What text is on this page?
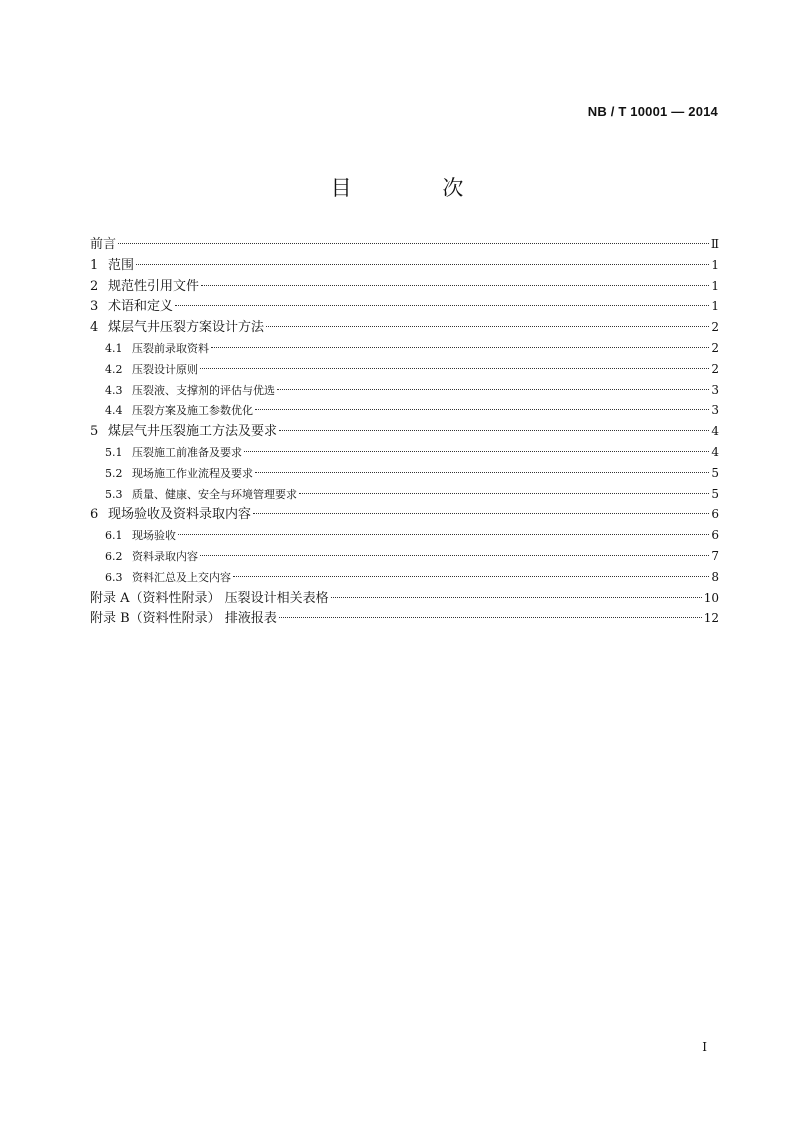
NB / T 10001 — 2014
目 次
前言	Ⅱ
1 范围	1
2 规范性引用文件	1
3 术语和定义	1
4 煤层气井压裂方案设计方法	2
4.1 压裂前录取资料	2
4.2 压裂设计原则	2
4.3 压裂液、支撑剂的评估与优选	3
4.4 压裂方案及施工参数优化	3
5 煤层气井压裂施工方法及要求	4
5.1 压裂施工前准备及要求	4
5.2 现场施工作业流程及要求	5
5.3 质量、健康、安全与环境管理要求	5
6 现场验收及资料录取内容	6
6.1 现场验收	6
6.2 资料录取内容	7
6.3 资料汇总及上交内容	8
附录 A（资料性附录） 压裂设计相关表格	10
附录 B（资料性附录） 排液报表	12
I
